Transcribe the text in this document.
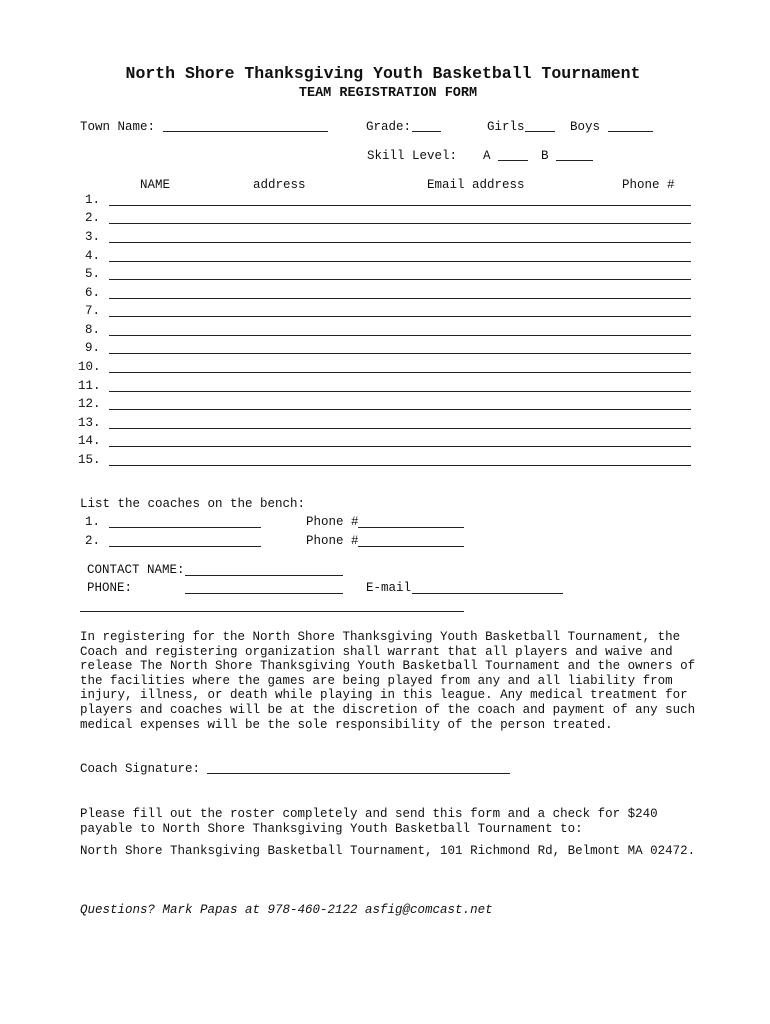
North Shore Thanksgiving Youth Basketball Tournament
TEAM REGISTRATION FORM
Town Name:	Grade:	Girls	Boys
Skill Level: A	B
NAME	address	Email address	Phone #
1.
2.
3.
4.
5.
6.
7.
8.
9.
10.
11.
12.
13.
14.
15.
List the coaches on the bench:
1.	Phone #
2.	Phone #
CONTACT NAME:
PHONE:	E-mail
In registering for the North Shore Thanksgiving Youth Basketball Tournament, the Coach and registering organization shall warrant that all players and waive and release The North Shore Thanksgiving Youth Basketball Tournament and the owners of the facilities where the games are being played from any and all liability from injury, illness, or death while playing in this league. Any medical treatment for players and coaches will be at the discretion of the coach and payment of any such medical expenses will be the sole responsibility of the person treated.
Coach Signature:
Please fill out the roster completely and send this form and a check for $240 payable to North Shore Thanksgiving Youth Basketball Tournament to:
North Shore Thanksgiving Basketball Tournament, 101 Richmond Rd, Belmont MA 02472.
Questions? Mark Papas at 978-460-2122 asfig@comcast.net
